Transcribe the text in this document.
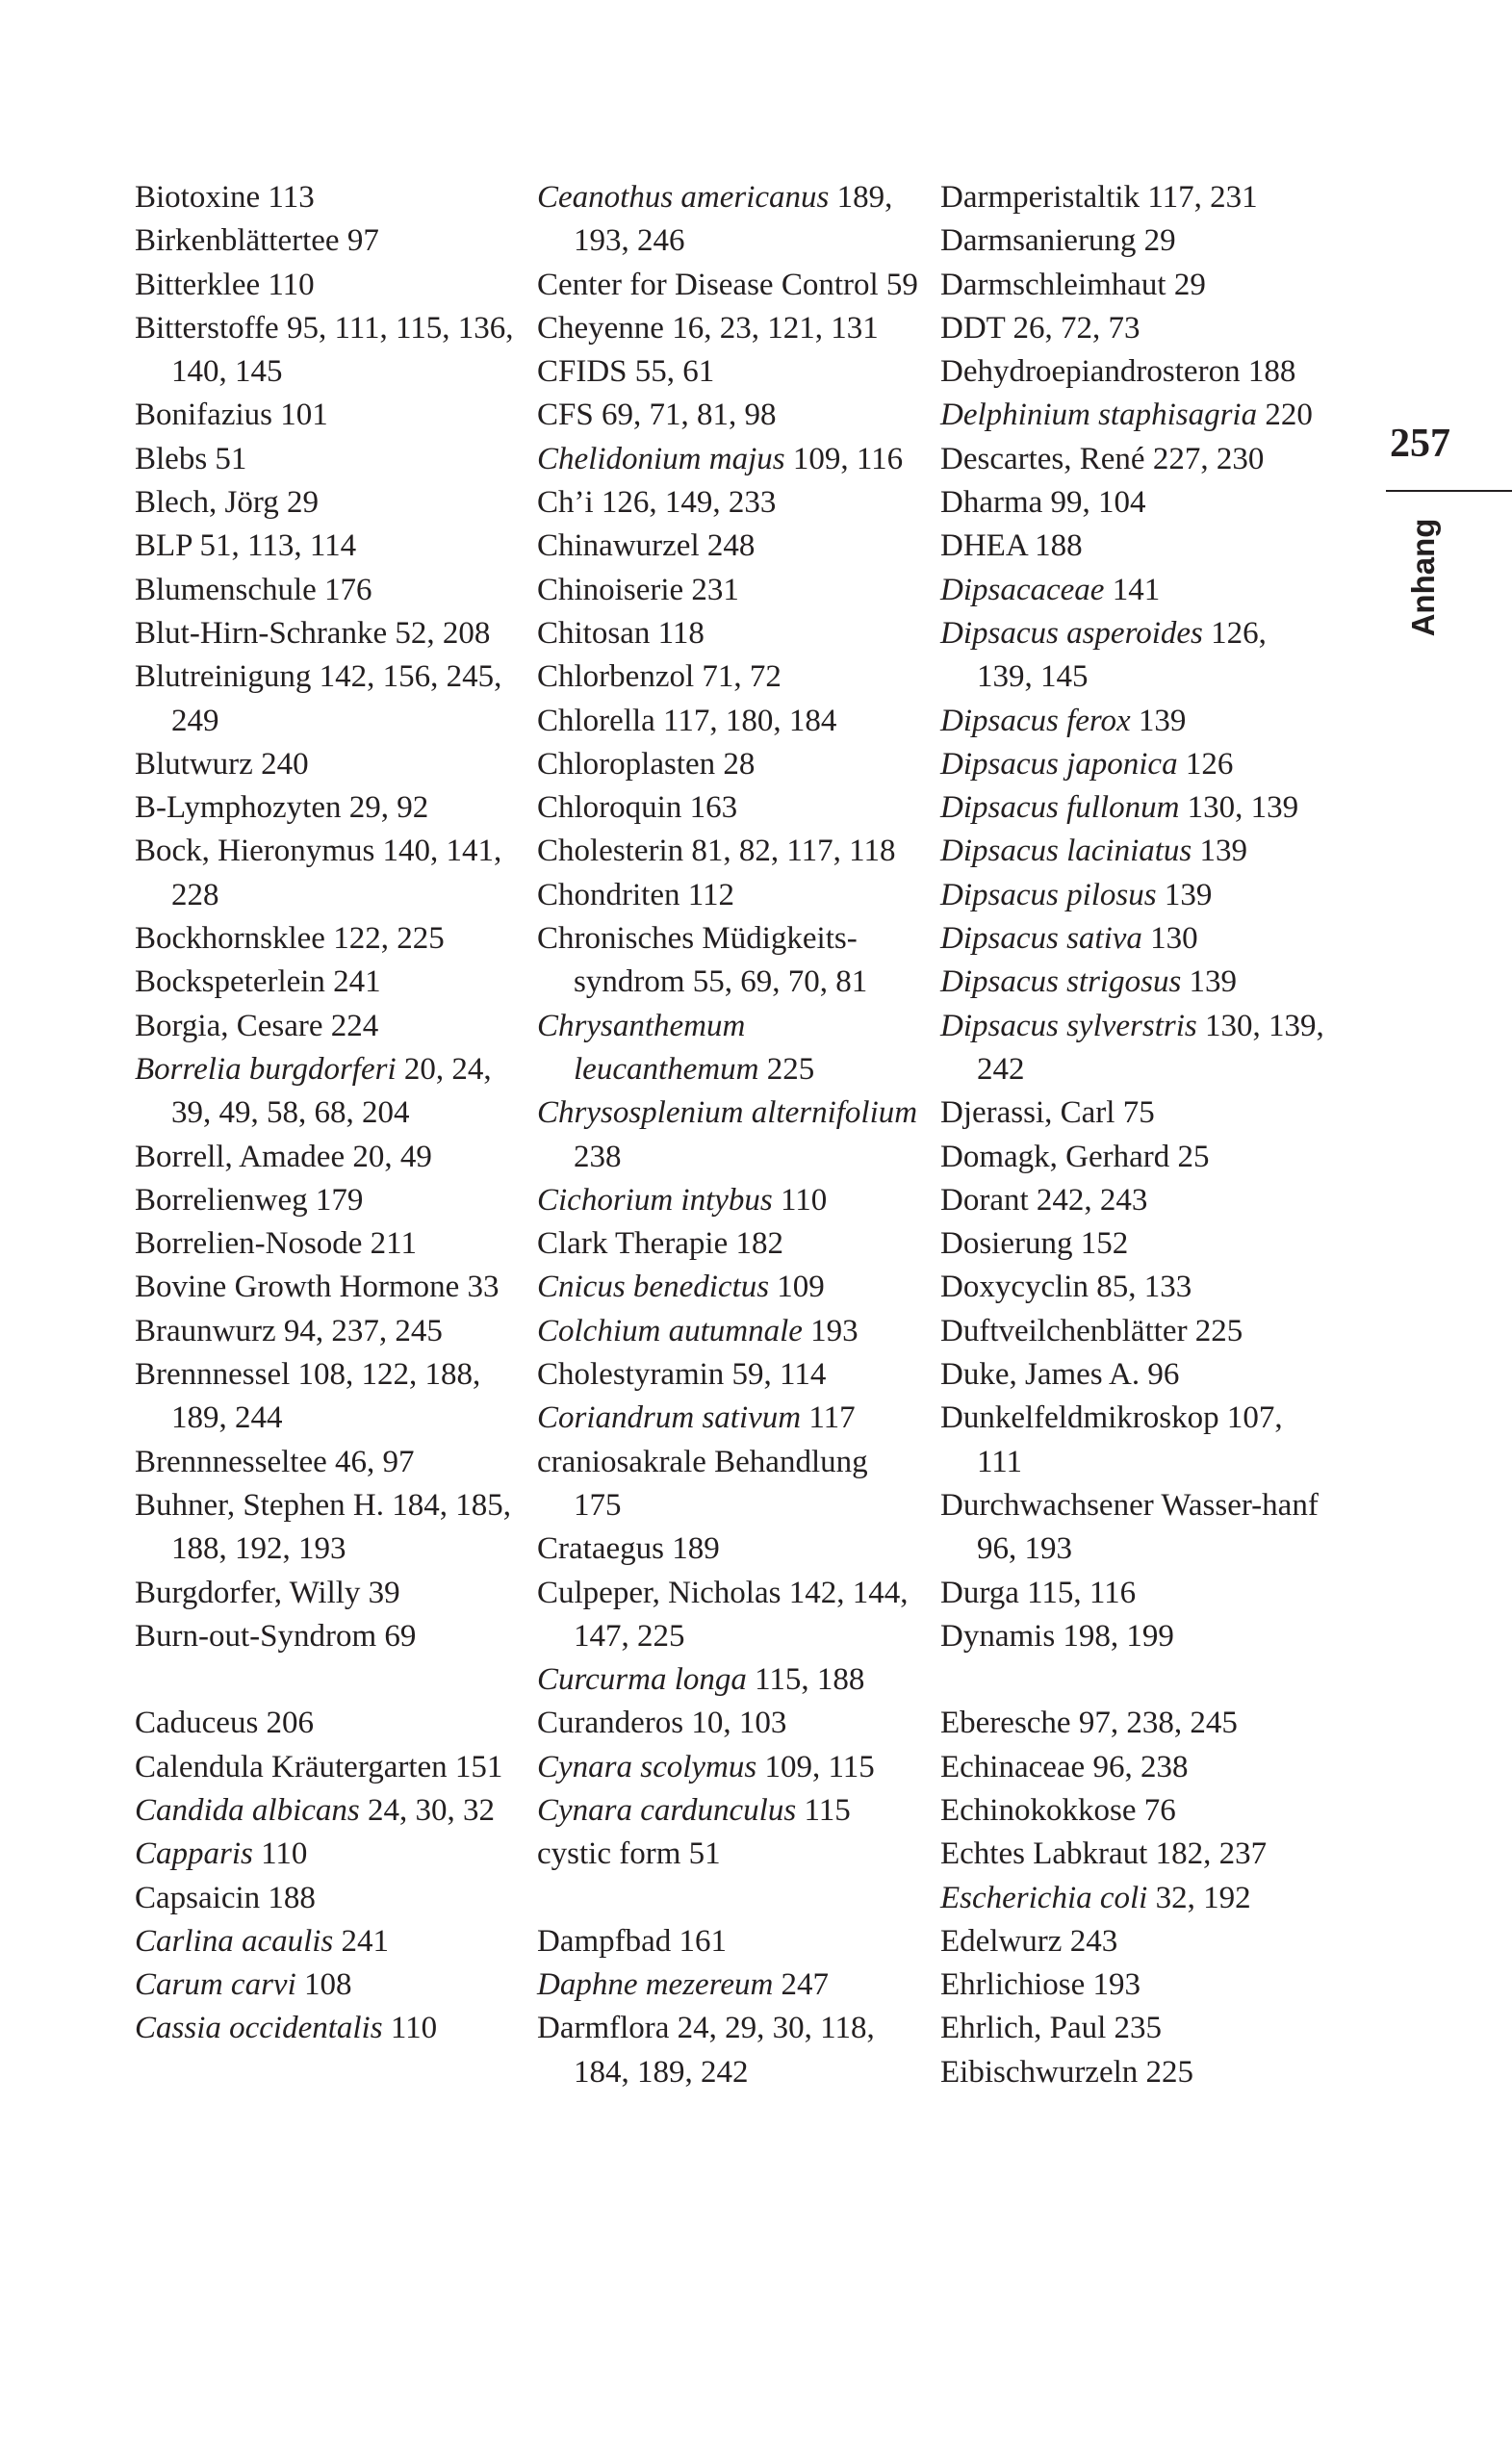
Biotoxine 113
Birkenblättertee 97
Bitterklee 110
Bitterstoffe 95, 111, 115, 136, 140, 145
Bonifazius 101
Blebs 51
Blech, Jörg 29
BLP 51, 113, 114
Blumenschule 176
Blut-Hirn-Schranke 52, 208
Blutreinigung 142, 156, 245, 249
Blutwurz 240
B-Lymphozyten 29, 92
Bock, Hieronymus 140, 141, 228
Bockhornsklee 122, 225
Bockspeterlein 241
Borgia, Cesare 224
Borrelia burgdorferi 20, 24, 39, 49, 58, 68, 204
Borrell, Amadee 20, 49
Borrelienweg 179
Borrelien-Nosode 211
Bovine Growth Hormone 33
Braunwurz 94, 237, 245
Brennnessel 108, 122, 188, 189, 244
Brennnesseltee 46, 97
Buhner, Stephen H. 184, 185, 188, 192, 193
Burgdorfer, Willy 39
Burn-out-Syndrom 69
Caduceus 206
Calendula Kräutergarten 151
Candida albicans 24, 30, 32
Capparis 110
Capsaicin 188
Carlina acaulis 241
Carum carvi 108
Cassia occidentalis 110
Ceanothus americanus 189, 193, 246
Center for Disease Control 59
Cheyenne 16, 23, 121, 131
CFIDS 55, 61
CFS 69, 71, 81, 98
Chelidonium majus 109, 116
Ch’i 126, 149, 233
Chinawurzel 248
Chinoiserie 231
Chitosan 118
Chlorbenzol 71, 72
Chlorella 117, 180, 184
Chloroplasten 28
Chloroquin 163
Cholesterin 81, 82, 117, 118
Chondriten 112
Chronisches Müdigkeits-syndrom 55, 69, 70, 81
Chrysanthemum leucanthemum 225
Chrysosplenium alternifolium 238
Cichorium intybus 110
Clark Therapie 182
Cnicus benedictus 109
Colchium autumnale 193
Cholestyramin 59, 114
Coriandrum sativum 117
craniosakrale Behandlung 175
Crataegus 189
Culpeper, Nicholas 142, 144, 147, 225
Curcurma longa 115, 188
Curanderos 10, 103
Cynara scolymus 109, 115
Cynara cardunculus 115
cystic form 51
Dampfbad 161
Daphne mezereum 247
Darmflora 24, 29, 30, 118, 184, 189, 242
Darmperistaltik 117, 231
Darmsanierung 29
Darmschleimhaut 29
DDT 26, 72, 73
Dehydroepiandrosteron 188
Delphinium staphisagria 220
Descartes, René 227, 230
Dharma 99, 104
DHEA 188
Dipsacaceae 141
Dipsacus asperoides 126, 139, 145
Dipsacus ferox 139
Dipsacus japonica 126
Dipsacus fullonum 130, 139
Dipsacus laciniatus 139
Dipsacus pilosus 139
Dipsacus sativa 130
Dipsacus strigosus 139
Dipsacus sylverstris 130, 139, 242
Djerassi, Carl 75
Domagk, Gerhard 25
Dorant 242, 243
Dosierung 152
Doxycyclin 85, 133
Duftveilchenblätter 225
Duke, James A. 96
Dunkelfeldmikroskop 107, 111
Durchwachsener Wasser-hanf 96, 193
Durga 115, 116
Dynamis 198, 199
Eberesche 97, 238, 245
Echinaceae 96, 238
Echinokokkose 76
Echtes Labkraut 182, 237
Escherichia coli 32, 192
Edelwurz 243
Ehrlichiose 193
Ehrlich, Paul 235
Eibischwurzeln 225
257
Anhang
